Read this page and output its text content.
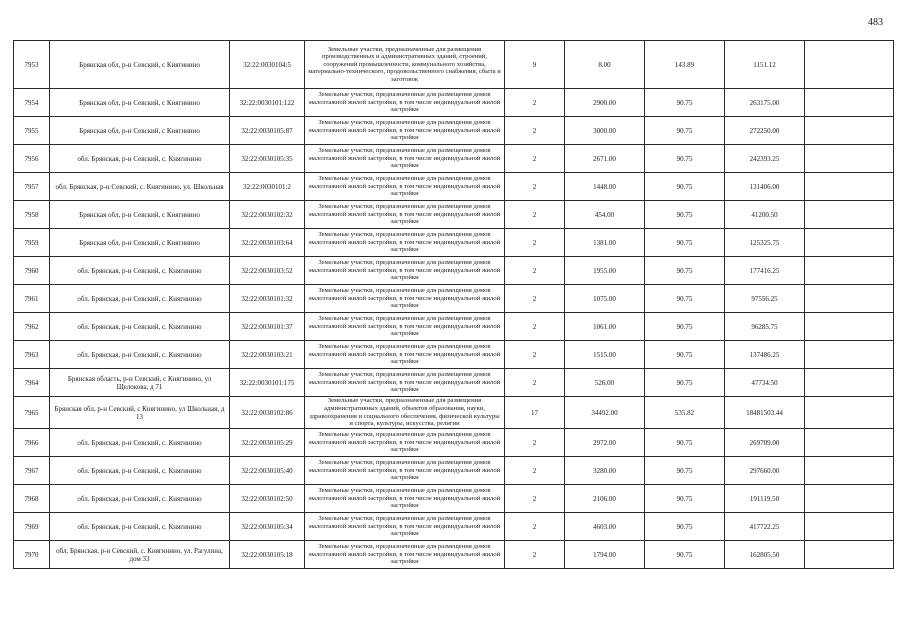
483
7953	Брянская обл, р-н Севский, с Княгинино	32:22:0030104:5	Земельные участки, предназначенные для размещения производственных и административных зданий, строений, сооружений промышленности, коммунального хозяйства, материально-технического, продовольственного снабжения, сбыта и заготовок	9	8.00	143.89	1151.12	
7954	Брянская обл, р-н Севский, с Княгинино	32:22:0030101:122	Земельные участки, предназначенные для размещения домов малоэтажной жилой застройки, в том числе индивидуальной жилой застройки	2	2900.00	90.75	263175.00	
7955	Брянская обл, р-н Севский, с Княгинино	32:22:0030105:87	Земельные участки, предназначенные для размещения домов малоэтажной жилой застройки, в том числе индивидуальной жилой застройки	2	3000.00	90.75	272250.00	
7956	обл. Брянская, р-н Севский, с. Княгинино	32:22:0030105:35	Земельные участки, предназначенные для размещения домов малоэтажной жилой застройки, в том числе индивидуальной жилой застройки	2	2671.00	90.75	242393.25	
7957	обл. Брянская, р-н Севский, с. Княгинино, ул. Школьная	32:22:0030101:2	Земельные участки, предназначенные для размещения домов малоэтажной жилой застройки, в том числе индивидуальной жилой застройки	2	1448.00	90.75	131406.00	
7958	Брянская обл, р-н Севский, с Княгинино	32:22:0030102:32	Земельные участки, предназначенные для размещения домов малоэтажной жилой застройки, в том числе индивидуальной жилой застройки	2	454.00	90.75	41200.50	
7959	Брянская обл, р-н Севский, с Княгинино	32:22:0030103:64	Земельные участки, предназначенные для размещения домов малоэтажной жилой застройки, в том числе индивидуальной жилой застройки	2	1381.00	90.75	125325.75	
7960	обл. Брянская, р-н Севский, с. Княгинино	32:22:0030103:52	Земельные участки, предназначенные для размещения домов малоэтажной жилой застройки, в том числе индивидуальной жилой застройки	2	1955.00	90.75	177416.25	
7961	обл. Брянская, р-н Севский, с. Княгинино	32:22:0030101:32	Земельные участки, предназначенные для размещения домов малоэтажной жилой застройки, в том числе индивидуальной жилой застройки	2	1075.00	90.75	97556.25	
7962	обл. Брянская, р-н Севский, с. Княгинино	32:22:0030101:37	Земельные участки, предназначенные для размещения домов малоэтажной жилой застройки, в том числе индивидуальной жилой застройки	2	1061.00	90.75	96285.75	
7963	обл. Брянская, р-н Севский, с. Княгинино	32:22:0030103:21	Земельные участки, предназначенные для размещения домов малоэтажной жилой застройки, в том числе индивидуальной жилой застройки	2	1515.00	90.75	137486.25	
7964	Брянская область, р-н Севский, с Княгинино, ул Щелокова, д 71	32:22:0030101:175	Земельные участки, предназначенные для размещения домов малоэтажной жилой застройки, в том числе индивидуальной жилой застройки	2	526.00	90.75	47734.50	
7965	Брянская обл, р-н Севский, с Княгинино, ул Школьная, д 13	32:22:0030102:86	Земельные участки, предназначенные для размещения административных зданий, объектов образования, науки, здравоохранения и социального обеспечения, физической культуры и спорта, культуры, искусства, религии	17	34492.00	535.82	18481503.44	
7966	обл. Брянская, р-н Севский, с. Княгинино	32:22:0030105:29	Земельные участки, предназначенные для размещения домов малоэтажной жилой застройки, в том числе индивидуальной жилой застройки	2	2972.00	90.75	269709.00	
7967	обл. Брянская, р-н Севский, с. Княгинино	32:22:0030105:40	Земельные участки, предназначенные для размещения домов малоэтажной жилой застройки, в том числе индивидуальной жилой застройки	2	3280.00	90.75	297660.00	
7968	обл. Брянская, р-н Севский, с. Княгинино	32:22:0030102:50	Земельные участки, предназначенные для размещения домов малоэтажной жилой застройки, в том числе индивидуальной жилой застройки	2	2106.00	90.75	191119.50	
7969	обл. Брянская, р-н Севский, с. Княгинино	32:22:0030105:34	Земельные участки, предназначенные для размещения домов малоэтажной жилой застройки, в том числе индивидуальной жилой застройки	2	4603.00	90.75	417722.25	
7970	обл. Брянская, р-н Севский, с. Княгинино, ул. Рагулина, дом 33	32:22:0030105:18	Земельные участки, предназначенные для размещения домов малоэтажной жилой застройки, в том числе индивидуальной жилой застройки	2	1794.00	90.75	162805.50	
